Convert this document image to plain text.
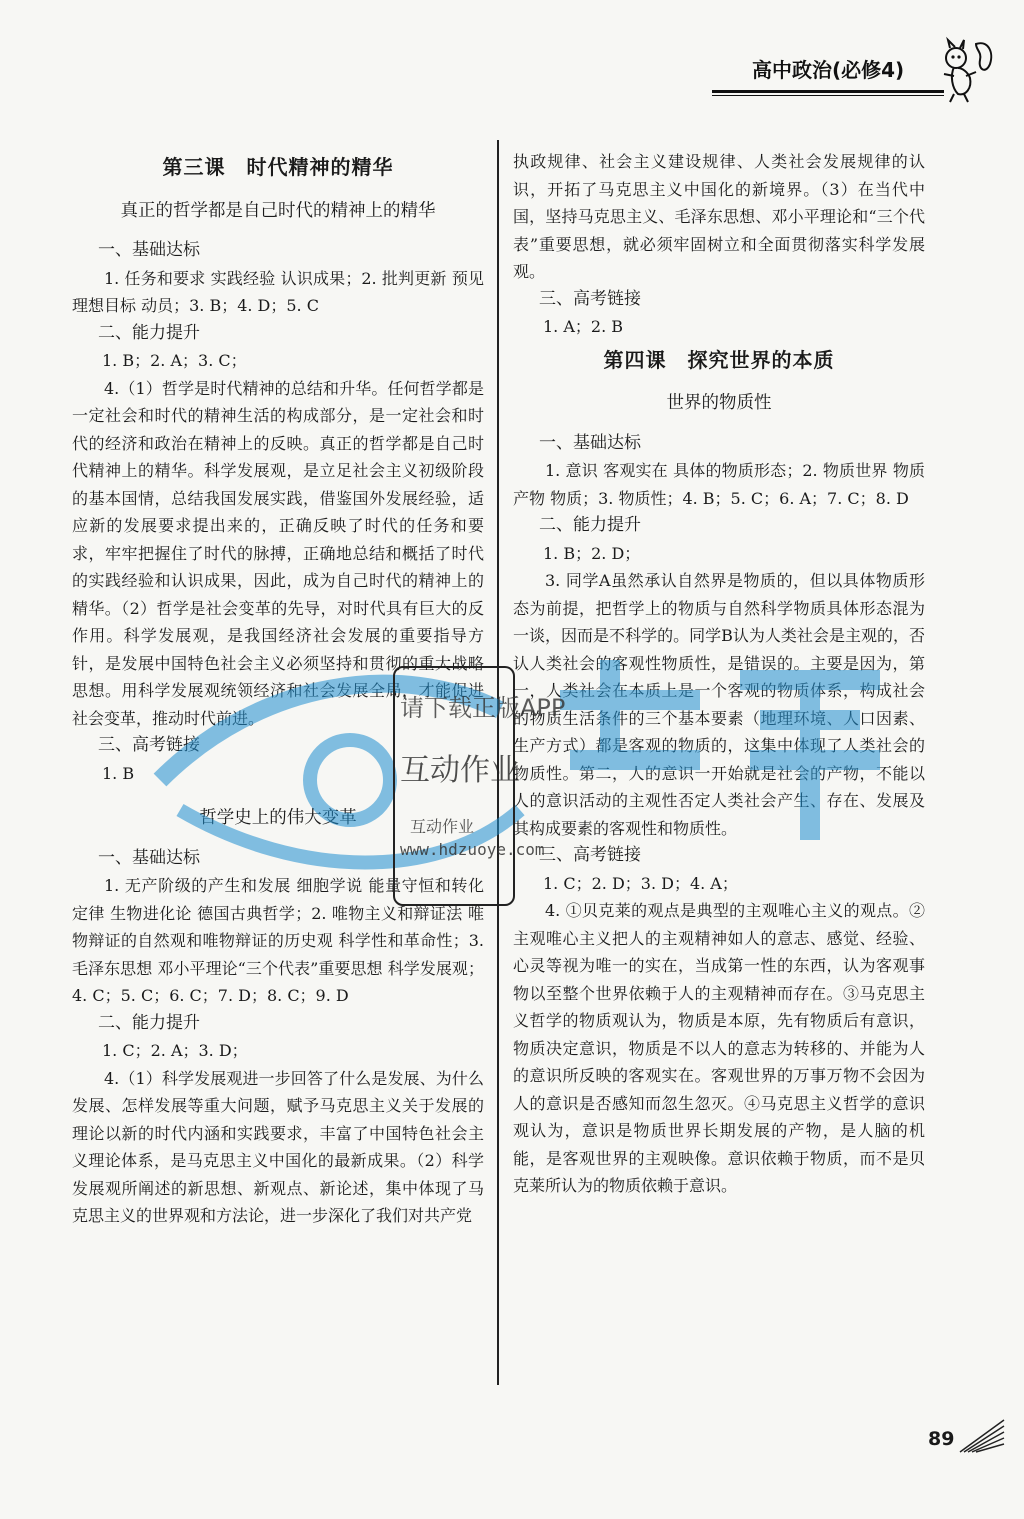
高中政治(必修4)
第三课　时代精神的精华
真正的哲学都是自己时代的精神上的精华
一、基础达标

1. 任务和要求 实践经验 认识成果；2. 批判更新 预见 理想目标 动员；3. B；4. D；5. C

二、能力提升

1. B；2. A；3. C；

4.（1）哲学是时代精神的总结和升华。任何哲学都是一定社会和时代的精神生活的构成部分，是一定社会和时代的经济和政治在精神上的反映。真正的哲学都是自己时代精神上的精华。科学发展观，是立足社会主义初级阶段的基本国情，总结我国发展实践，借鉴国外发展经验，适应新的发展要求提出来的，正确反映了时代的任务和要求，牢牢把握住了时代的脉搏，正确地总结和概括了时代的实践经验和认识成果，因此，成为自己时代的精神上的精华。（2）哲学是社会变革的先导，对时代具有巨大的反作用。科学发展观，是我国经济社会发展的重要指导方针，是发展中国特色社会主义必须坚持和贯彻的重大战略思想。用科学发展观统领经济和社会发展全局，才能促进社会变革，推动时代前进。

三、高考链接

1. B

哲学史上的伟大变革
一、基础达标

1. 无产阶级的产生和发展 细胞学说 能量守恒和转化定律 生物进化论 德国古典哲学；2. 唯物主义和辩证法 唯物辩证的自然观和唯物辩证的历史观 科学性和革命性；3. 毛泽东思想 邓小平理论“三个代表”重要思想 科学发展观；4. C；5. C；6. C；7. D；8. C；9. D

二、能力提升

1. C；2. A；3. D；

4.（1）科学发展观进一步回答了什么是发展、为什么发展、怎样发展等重大问题，赋予马克思主义关于发展的理论以新的时代内涵和实践要求，丰富了中国特色社会主义理论体系，是马克思主义中国化的最新成果。（2）科学发展观所阐述的新思想、新观点、新论述，集中体现了马克思主义的世界观和方法论，进一步深化了我们对共产党

执政规律、社会主义建设规律、人类社会发展规律的认识，开拓了马克思主义中国化的新境界。（3）在当代中国，坚持马克思主义、毛泽东思想、邓小平理论和“三个代表”重要思想，就必须牢固树立和全面贯彻落实科学发展观。

三、高考链接

1. A；2. B

第四课　探究世界的本质
世界的物质性
一、基础达标

1. 意识 客观实在 具体的物质形态；2. 物质世界 物质 产物 物质；3. 物质性；4. B；5. C；6. A；7. C；8. D

二、能力提升

1. B；2. D；

3. 同学A虽然承认自然界是物质的，但以具体物质形态为前提，把哲学上的物质与自然科学物质具体形态混为一谈，因而是不科学的。同学B认为人类社会是主观的，否认人类社会的客观性物质性，是错误的。主要是因为，第一，人类社会在本质上是一个客观的物质体系，构成社会的物质生活条件的三个基本要素（地理环境、人口因素、生产方式）都是客观的物质的，这集中体现了人类社会的物质性。第二，人的意识一开始就是社会的产物，不能以人的意识活动的主观性否定人类社会产生、存在、发展及其构成要素的客观性和物质性。

三、高考链接

1. C；2. D；3. D；4. A；

4. ①贝克莱的观点是典型的主观唯心主义的观点。②主观唯心主义把人的主观精神如人的意志、感觉、经验、心灵等视为唯一的实在，当成第一性的东西，认为客观事物以至整个世界依赖于人的主观精神而存在。③马克思主义哲学的物质观认为，物质是本原，先有物质后有意识，物质决定意识，物质是不以人的意志为转移的、并能为人的意识所反映的客观实在。客观世界的万事万物不会因为人的意识是否感知而忽生忽灭。④马克思主义哲学的意识观认为，意识是物质世界长期发展的产物，是人脑的机能，是客观世界的主观映像。意识依赖于物质，而不是贝克莱所认为的物质依赖于意识。

请下载正版APP
互动作业
互动作业
www.hdzuoye.com
89
